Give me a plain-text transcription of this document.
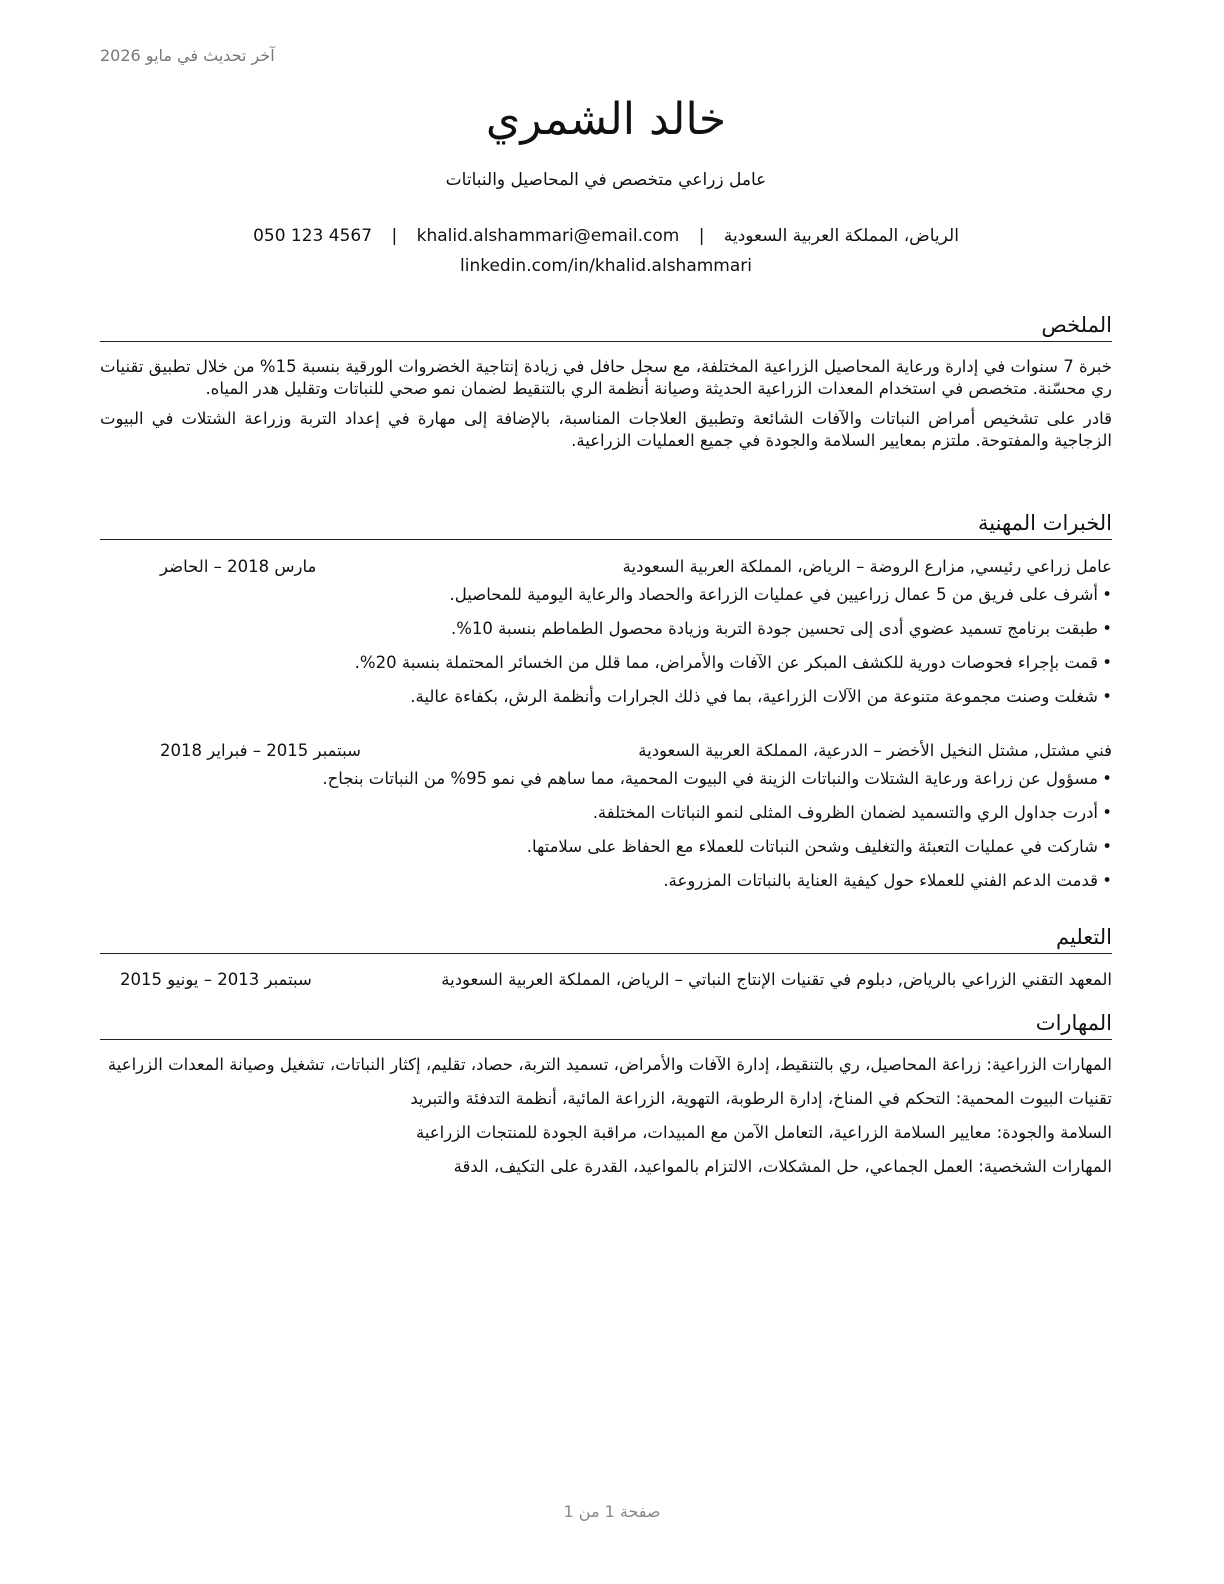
آخر تحديث في مايو 2026
خالد الشمري
عامل زراعي متخصص في المحاصيل والنباتات
الرياض، المملكة العربية السعودية | khalid.alshammari@email.com | 050 123 4567
linkedin.com/in/khalid.alshammari
الملخص

خبرة 7 سنوات في إدارة ورعاية المحاصيل الزراعية المختلفة، مع سجل حافل في زيادة إنتاجية الخضروات الورقية بنسبة 15% من خلال تطبيق تقنيات ري محسّنة. متخصص في استخدام المعدات الزراعية الحديثة وصيانة أنظمة الري بالتنقيط لضمان نمو صحي للنباتات وتقليل هدر المياه.

قادر على تشخيص أمراض النباتات والآفات الشائعة وتطبيق العلاجات المناسبة، بالإضافة إلى مهارة في إعداد التربة وزراعة الشتلات في البيوت الزجاجية والمفتوحة. ملتزم بمعايير السلامة والجودة في جميع العمليات الزراعية.

الخبرات المهنية
عامل زراعي رئيسي, مزارع الروضة – الرياض، المملكة العربية السعودية
مارس 2018 – الحاضر
•أشرف على فريق من 5 عمال زراعيين في عمليات الزراعة والحصاد والرعاية اليومية للمحاصيل.
•طبقت برنامج تسميد عضوي أدى إلى تحسين جودة التربة وزيادة محصول الطماطم بنسبة 10%.
•قمت بإجراء فحوصات دورية للكشف المبكر عن الآفات والأمراض، مما قلل من الخسائر المحتملة بنسبة 20%.
•شغلت وصنت مجموعة متنوعة من الآلات الزراعية، بما في ذلك الجرارات وأنظمة الرش، بكفاءة عالية.
فني مشتل, مشتل النخيل الأخضر – الدرعية، المملكة العربية السعودية
سبتمبر 2015 – فبراير 2018
•مسؤول عن زراعة ورعاية الشتلات والنباتات الزينة في البيوت المحمية، مما ساهم في نمو 95% من النباتات بنجاح.
•أدرت جداول الري والتسميد لضمان الظروف المثلى لنمو النباتات المختلفة.
•شاركت في عمليات التعبئة والتغليف وشحن النباتات للعملاء مع الحفاظ على سلامتها.
•قدمت الدعم الفني للعملاء حول كيفية العناية بالنباتات المزروعة.
التعليم
المعهد التقني الزراعي بالرياض, دبلوم في تقنيات الإنتاج النباتي – الرياض، المملكة العربية السعودية
سبتمبر 2013 – يونيو 2015
المهارات

المهارات الزراعية: زراعة المحاصيل، ري بالتنقيط، إدارة الآفات والأمراض، تسميد التربة، حصاد، تقليم، إكثار النباتات، تشغيل وصيانة المعدات الزراعية

تقنيات البيوت المحمية: التحكم في المناخ، إدارة الرطوبة، التهوية، الزراعة المائية، أنظمة التدفئة والتبريد

السلامة والجودة: معايير السلامة الزراعية، التعامل الآمن مع المبيدات، مراقبة الجودة للمنتجات الزراعية

المهارات الشخصية: العمل الجماعي، حل المشكلات، الالتزام بالمواعيد، القدرة على التكيف، الدقة

صفحة 1 من 1
